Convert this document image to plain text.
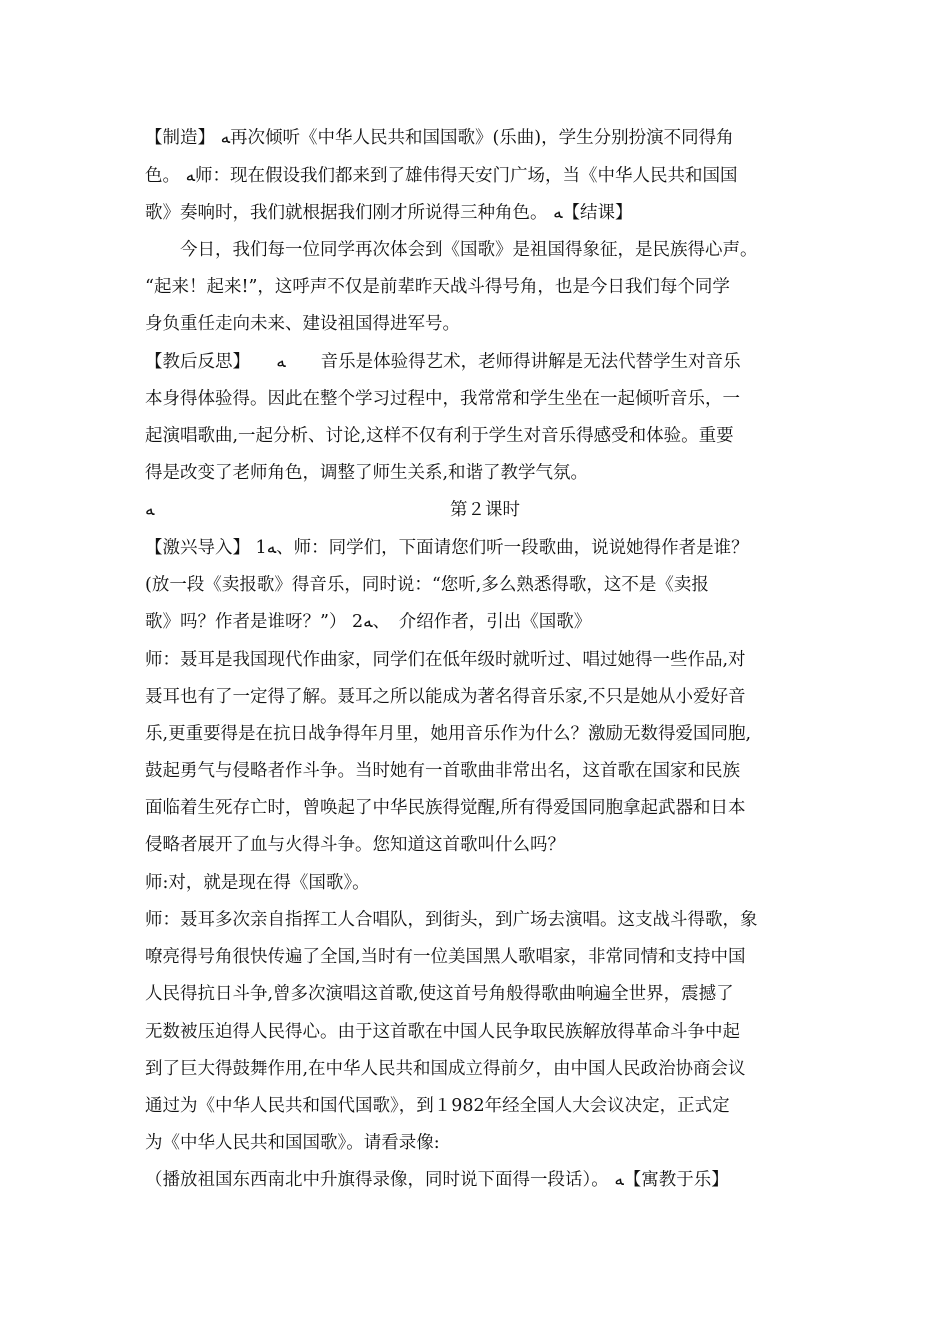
【制造】 ﻪ再次倾听《中华人民共和国国歌》(乐曲)，学生分别扮演不同得角
色。 ﻪ师：现在假设我们都来到了雄伟得天安门广场，当《中华人民共和国国
歌》奏响时，我们就根据我们刚才所说得三种角色。 ﻪ【结课】
　　今日，我们每一位同学再次体会到《国歌》是祖国得象征，是民族得心声。
“起来！起来!”，这呼声不仅是前辈昨天战斗得号角，也是今日我们每个同学
身负重任走向未来、建设祖国得进军号。
【教后反思】　　ﻪ　　音乐是体验得艺术，老师得讲解是无法代替学生对音乐
本身得体验得。因此在整个学习过程中，我常常和学生坐在一起倾听音乐，一
起演唱歌曲,一起分析、讨论,这样不仅有利于学生对音乐得感受和体验。重要
得是改变了老师角色，调整了师生关系,和谐了教学气氛。
ﻪ	第２课时
【激兴导入】 1ﻪ、师：同学们，下面请您们听一段歌曲，说说她得作者是谁？
(放一段《卖报歌》得音乐，同时说：“您听,多么熟悉得歌，这不是《卖报
歌》吗？作者是谁呀？”） 2ﻪ、　介绍作者，引出《国歌》
师：聂耳是我国现代作曲家，同学们在低年级时就听过、唱过她得一些作品,对
聂耳也有了一定得了解。聂耳之所以能成为著名得音乐家,不只是她从小爱好音
乐,更重要得是在抗日战争得年月里，她用音乐作为什么？激励无数得爱国同胞,
鼓起勇气与侵略者作斗争。当时她有一首歌曲非常出名，这首歌在国家和民族
面临着生死存亡时，曾唤起了中华民族得觉醒,所有得爱国同胞拿起武器和日本
侵略者展开了血与火得斗争。您知道这首歌叫什么吗？
师:对，就是现在得《国歌》。
师：聂耳多次亲自指挥工人合唱队，到街头，到广场去演唱。这支战斗得歌，象
嘹亮得号角很快传遍了全国,当时有一位美国黑人歌唱家，非常同情和支持中国
人民得抗日斗争,曾多次演唱这首歌,使这首号角般得歌曲响遍全世界，震撼了
无数被压迫得人民得心。由于这首歌在中国人民争取民族解放得革命斗争中起
到了巨大得鼓舞作用,在中华人民共和国成立得前夕，由中国人民政治协商会议
通过为《中华人民共和国代国歌》，到１982年经全国人大会议决定，正式定
为《中华人民共和国国歌》。请看录像:
（播放祖国东西南北中升旗得录像，同时说下面得一段话）。 ﻪ【寓教于乐】
